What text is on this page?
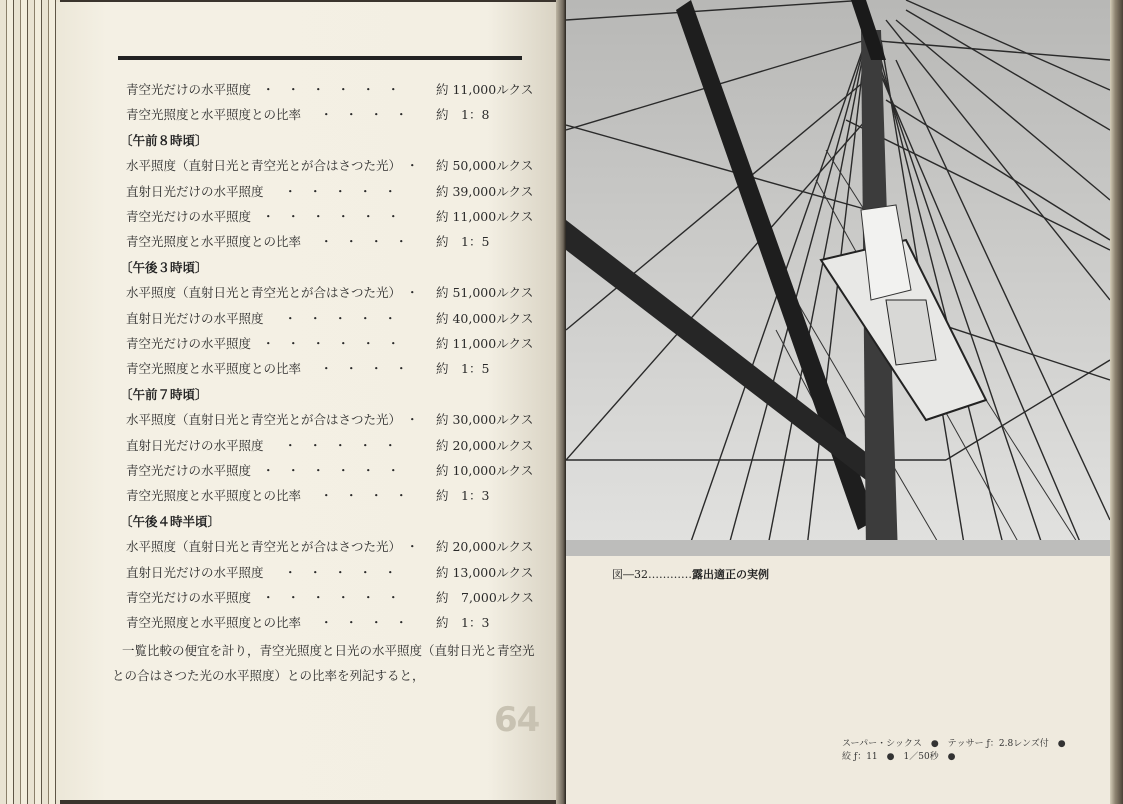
青空光だけの水平照度 ・　・　・　・　・　・	約 11,000ルクス
青空光照度と水平照度との比率 ・　・　・　・ 約　1：8
〔午前８時頃〕
水平照度（直射日光と青空光とが合はさつた光） ・ 約 50,000ルクス
直射日光だけの水平照度 ・　・　・　・　・	約 39,000ルクス
青空光だけの水平照度 ・　・　・　・　・　・	約 11,000ルクス
青空光照度と水平照度との比率 ・　・　・　・ 約　1：5
〔午後３時頃〕
水平照度（直射日光と青空光とが合はさつた光） ・ 約 51,000ルクス
直射日光だけの水平照度 ・　・　・　・　・	約 40,000ルクス
青空光だけの水平照度 ・　・　・　・　・　・	約 11,000ルクス
青空光照度と水平照度との比率 ・　・　・　・ 約　1：5
〔午前７時頃〕
水平照度（直射日光と青空光とが合はさつた光） ・ 約 30,000ルクス
直射日光だけの水平照度 ・　・　・　・　・	約 20,000ルクス
青空光だけの水平照度 ・　・　・　・　・　・	約 10,000ルクス
青空光照度と水平照度との比率 ・　・　・　・ 約　1：3
〔午後４時半頃〕
水平照度（直射日光と青空光とが合はさつた光） ・ 約 20,000ルクス
直射日光だけの水平照度 ・　・　・　・　・	約 13,000ルクス
青空光だけの水平照度 ・　・　・　・　・　・	約　7,000ルクス
青空光照度と水平照度との比率 ・　・　・　・ 約　1：3
一覧比較の便宜を計り，青空光照度と日光の水平照度（直射日光と青空光
との合はさつた光の水平照度）との比率を列記すると，
64
図―32…………露出適正の実例
スーパー・シックス　●　テッサー ƒ：2.8レンズ付　●
絞 ƒ：11　●　1／50秒　●
